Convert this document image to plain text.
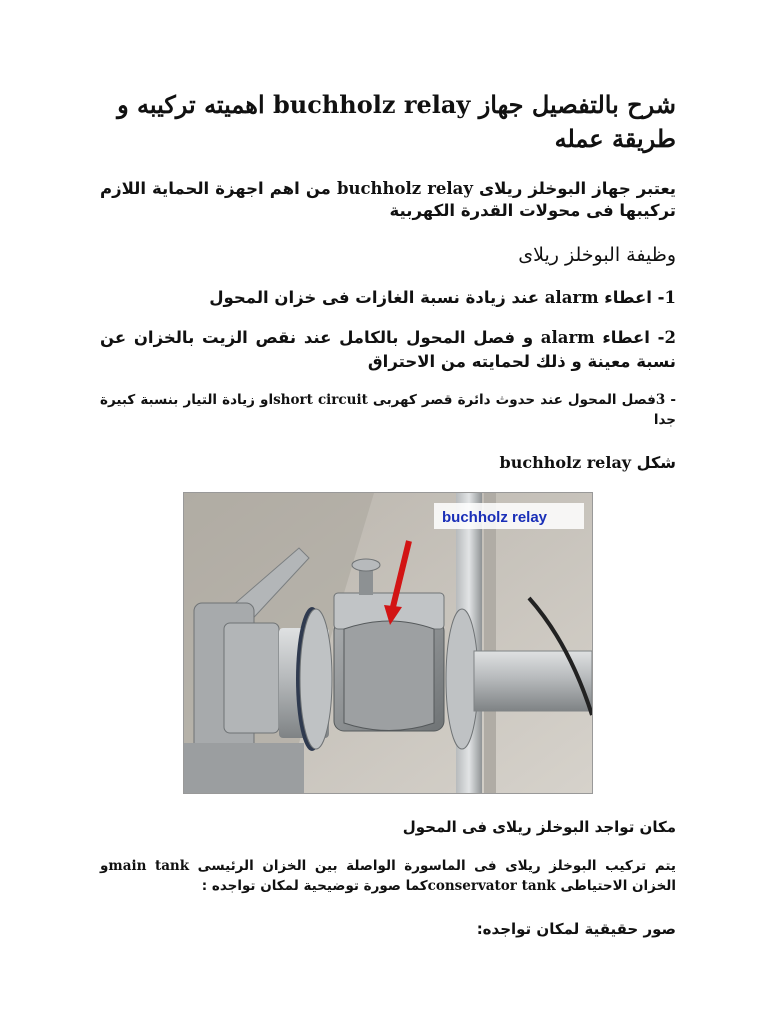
شرح بالتفصيل جهاز buchholz relay اهميته تركيبه و طريقة عمله

يعتبر جهاز البوخلز ريلاى buchholz relay من اهم اجهزة الحماية اللازم تركيبها فى محولات القدرة الكهربية

وظيفة البوخلز ريلاى

1- اعطاء alarm عند زيادة نسبة الغازات فى خزان المحول

2- اعطاء alarm و فصل المحول بالكامل عند نقص الزيت بالخزان عن نسبة معينة و ذلك لحمايته من الاحتراق

- 3فصل المحول عند حدوث دائرة قصر كهربى short circuitاو زيادة التيار بنسبة كبيرة جدا

شكل buchholz relay

buchholz relay

مكان تواجد البوخلز ريلاى فى المحول

يتم تركيب البوخلز ريلاى فى الماسورة الواصلة بين الخزان الرئيسى main tankو الخزان الاحتياطى conservator tankكما صورة توضيحية لمكان تواجده :

صور حقيقية لمكان تواجده:
